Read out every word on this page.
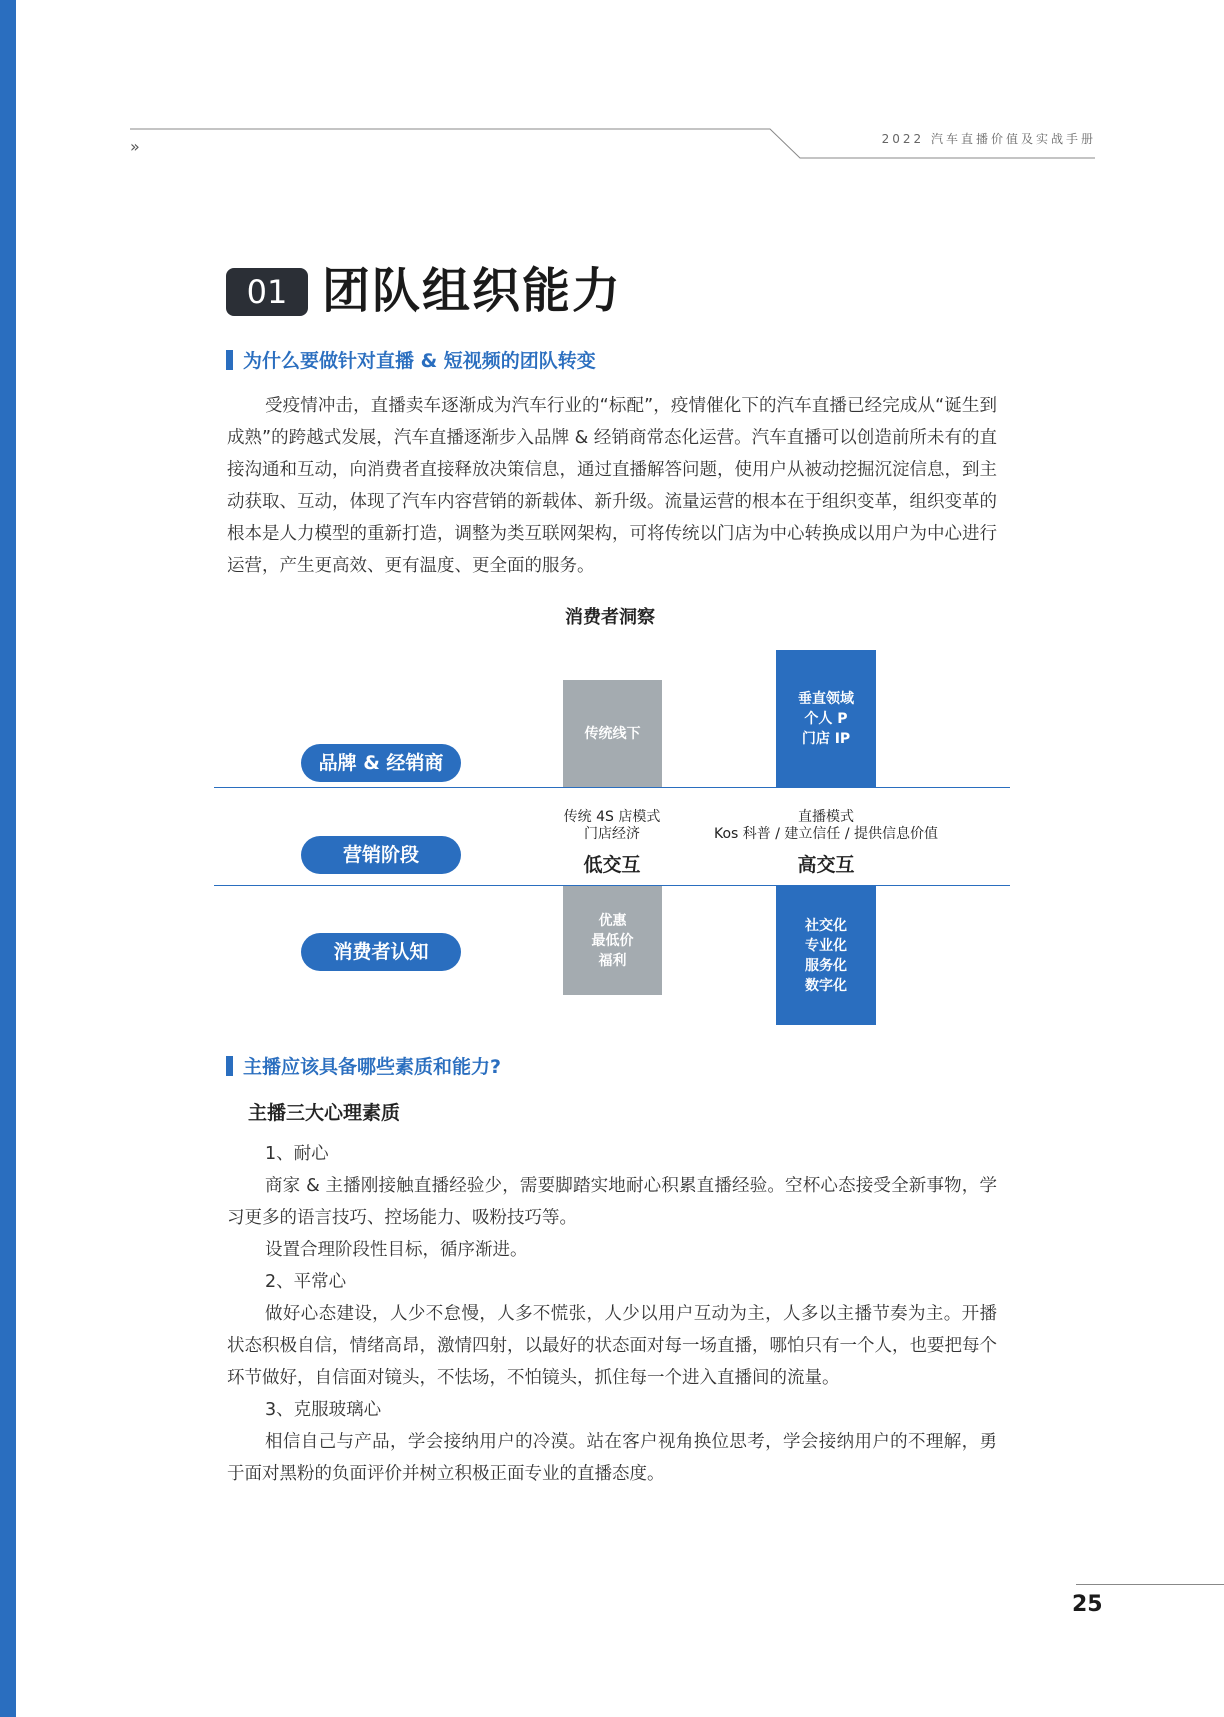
»	2022 汽车直播价值及实战手册
01 团队组织能力
为什么要做针对直播 & 短视频的团队转变

受疫情冲击，直播卖车逐渐成为汽车行业的“标配”，疫情催化下的汽车直播已经完成从“诞生到成熟”的跨越式发展，汽车直播逐渐步入品牌 & 经销商常态化运营。汽车直播可以创造前所未有的直接沟通和互动，向消费者直接释放决策信息，通过直播解答问题，使用户从被动挖掘沉淀信息，到主动获取、互动，体现了汽车内容营销的新载体、新升级。流量运营的根本在于组织变革，组织变革的根本是人力模型的重新打造，调整为类互联网架构，可将传统以门店为中心转换成以用户为中心进行运营，产生更高效、更有温度、更全面的服务。

消费者洞察
品牌 & 经销商
营销阶段
消费者认知
传统线下
垂直领域
个人 P
门店 IP
传统 4S 店模式
门店经济
低交互
直播模式
Kos 科普 / 建立信任 / 提供信息价值
高交互
优惠
最低价
福利
社交化
专业化
服务化
数字化
主播应该具备哪些素质和能力?
主播三大心理素质

1、耐心

商家 & 主播刚接触直播经验少，需要脚踏实地耐心积累直播经验。空杯心态接受全新事物，学习更多的语言技巧、控场能力、吸粉技巧等。

设置合理阶段性目标，循序渐进。

2、平常心

做好心态建设，人少不怠慢，人多不慌张，人少以用户互动为主，人多以主播节奏为主。开播状态积极自信，情绪高昂，激情四射，以最好的状态面对每一场直播，哪怕只有一个人，也要把每个环节做好，自信面对镜头，不怯场，不怕镜头，抓住每一个进入直播间的流量。

3、克服玻璃心

相信自己与产品，学会接纳用户的冷漠。站在客户视角换位思考，学会接纳用户的不理解，勇于面对黑粉的负面评价并树立积极正面专业的直播态度。

25
